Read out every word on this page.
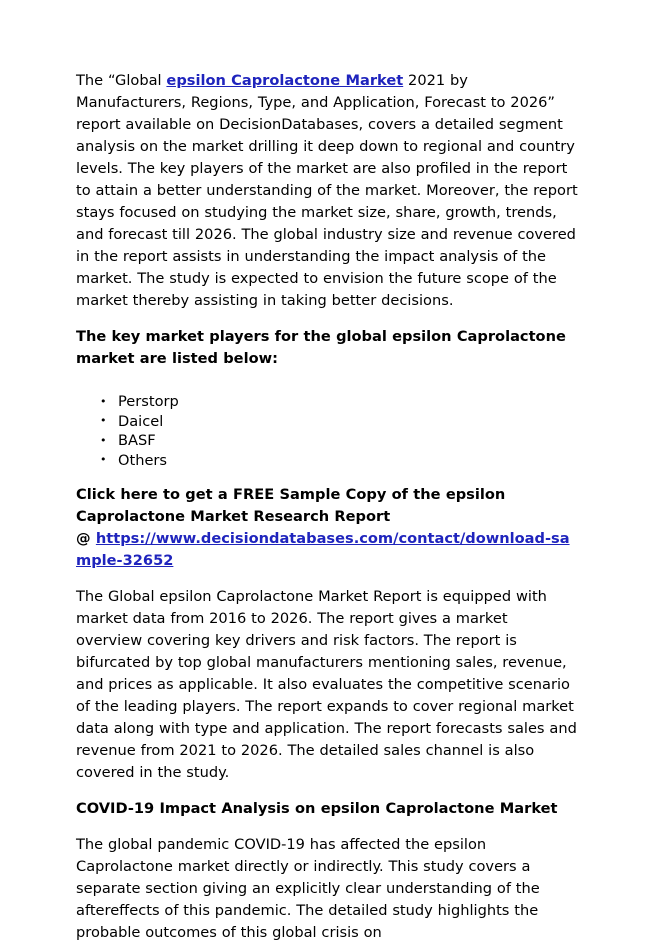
The “Global epsilon Caprolactone Market 2021 by Manufacturers, Regions, Type, and Application, Forecast to 2026” report available on DecisionDatabases, covers a detailed segment analysis on the market drilling it deep down to regional and country levels. The key players of the market are also profiled in the report to attain a better understanding of the market. Moreover, the report stays focused on studying the market size, share, growth, trends, and forecast till 2026. The global industry size and revenue covered in the report assists in understanding the impact analysis of the market. The study is expected to envision the future scope of the market thereby assisting in taking better decisions.

The key market players for the global epsilon Caprolactone market are listed below:

• Perstorp
• Daicel
• BASF
• Others

Click here to get a FREE Sample Copy of the epsilon Caprolactone Market Research Report
@ https://www.decisiondatabases.com/contact/download-sample-32652

The Global epsilon Caprolactone Market Report is equipped with market data from 2016 to 2026. The report gives a market overview covering key drivers and risk factors. The report is bifurcated by top global manufacturers mentioning sales, revenue, and prices as applicable. It also evaluates the competitive scenario of the leading players. The report expands to cover regional market data along with type and application. The report forecasts sales and revenue from 2021 to 2026. The detailed sales channel is also covered in the study.

COVID-19 Impact Analysis on epsilon Caprolactone Market

The global pandemic COVID-19 has affected the epsilon Caprolactone market directly or indirectly. This study covers a separate section giving an explicitly clear understanding of the aftereffects of this pandemic. The detailed study highlights the probable outcomes of this global crisis on
